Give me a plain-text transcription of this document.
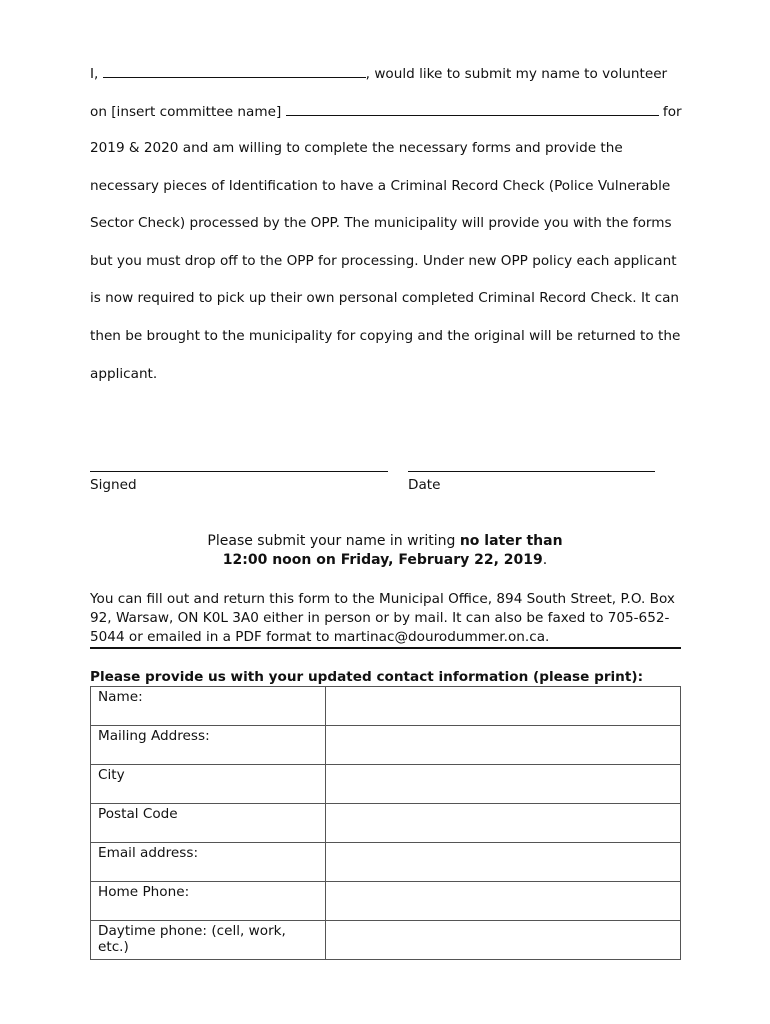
I,	, would like to submit my name to volunteer
on [insert committee name]	for
2019 & 2020 and am willing to complete the necessary forms and provide the
necessary pieces of Identification to have a Criminal Record Check (Police Vulnerable
Sector Check) processed by the OPP. The municipality will provide you with the forms
but you must drop off to the OPP for processing. Under new OPP policy each applicant
is now required to pick up their own personal completed Criminal Record Check. It can
then be brought to the municipality for copying and the original will be returned to the
applicant.
Signed	Date
Please submit your name in writing no later than
12:00 noon on Friday, February 22, 2019.
You can fill out and return this form to the Municipal Office, 894 South Street, P.O. Box
92, Warsaw, ON K0L 3A0 either in person or by mail. It can also be faxed to 705-652-
5044 or emailed in a PDF format to martinac@dourodummer.on.ca.
Please provide us with your updated contact information (please print):
Name:	
Mailing Address:	
City	
Postal Code	
Email address:	
Home Phone:	
Daytime phone: (cell, work, etc.)	
